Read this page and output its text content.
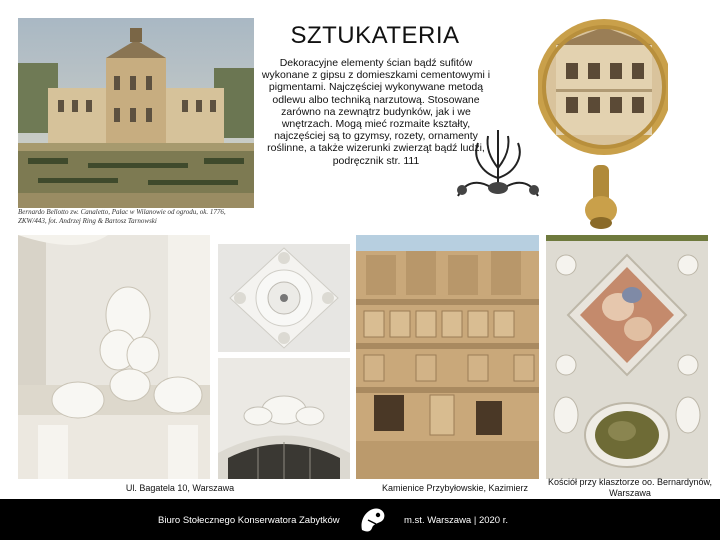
SZTUKATERIA
Dekoracyjne elementy ścian bądź sufitów wykonane z gipsu z domieszkami cementowymi i pigmentami. Najczęściej wykonywane metodą odlewu albo techniką narzutową. Stosowane zarówno na zewnątrz budynków, jak i we wnętrzach. Mogą mieć rozmaite kształty, najczęściej są to gzymsy, rozety, ornamenty roślinne, a także wizerunki zwierząt bądź ludzi, podręcznik str. 111
Bernardo Bellotto zw. Canaletto, Pałac w Wilanowie od ogrodu, ok. 1776, ZKW/443, fot. Andrzej Ring & Bartosz Tarnowski
Ul. Bagatela 10, Warszawa	Kamienice Przybyłowskie, Kazimierz
Kościół przy klasztorze oo. Bernardynów, Warszawa
Biuro Stołecznego Konserwatora Zabytków	m.st. Warszawa | 2020 r.
